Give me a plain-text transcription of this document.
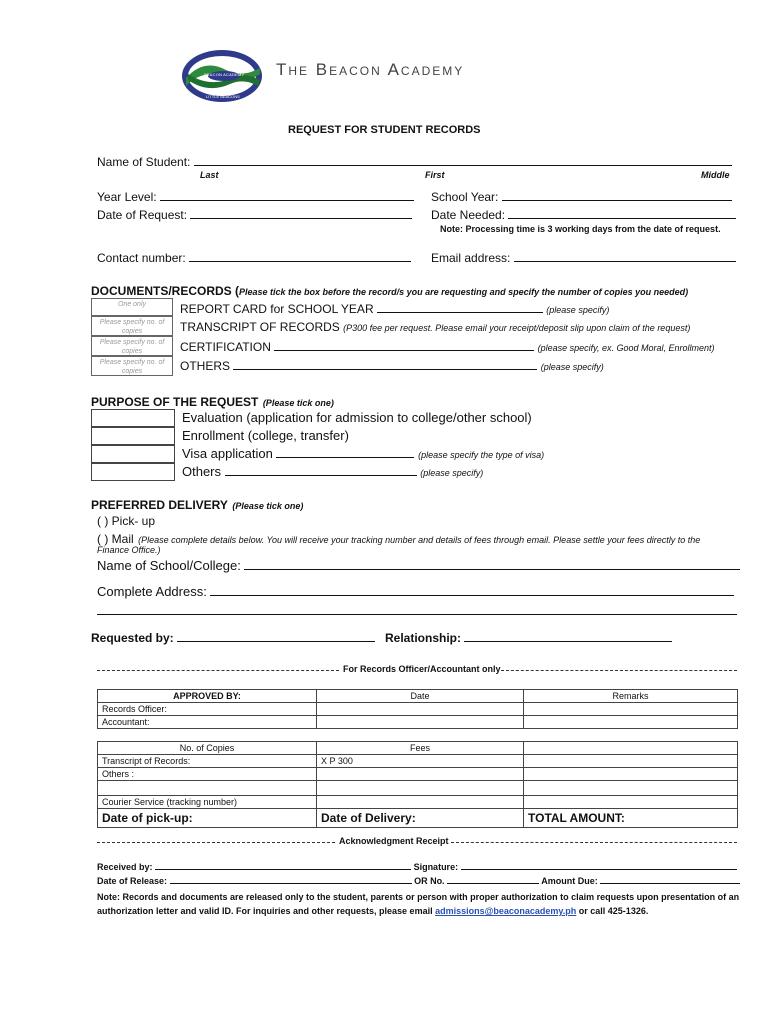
BEACON ACADEMY
LITTLE BEACONS
The Beacon Academy
REQUEST FOR STUDENT RECORDS
Name of Student:
Last	First	Middle
Year Level:	School Year:
Date of Request:	Date Needed:
Note: Processing time is 3 working days from the date of request.
Contact number:	Email address:
DOCUMENTS/RECORDS (Please tick the box before the record/s you are requesting and specify the number of copies you needed)
One only
Please specify no. of copies
Please specify no. of copies
Please specify no. of copies
REPORT CARD for SCHOOL YEAR	(please specify)
TRANSCRIPT OF RECORDS (P300 fee per request. Please email your receipt/deposit slip upon claim of the request)
CERTIFICATION	(please specify, ex. Good Moral, Enrollment)
OTHERS	(please specify)
PURPOSE OF THE REQUEST (Please tick one)
Evaluation (application for admission to college/other school)
Enrollment (college, transfer)
Visa application	(please specify the type of visa)
Others	(please specify)
PREFERRED DELIVERY (Please tick one)
( ) Pick- up
( ) Mail (Please complete details below. You will receive your tracking number and details of fees through email. Please settle your fees directly to the
Finance Office.)
Name of School/College:
Complete Address:
Requested by:	Relationship:
For Records Officer/Accountant only
APPROVED BY:	Date	Remarks
Records Officer:		
Accountant:		
No. of Copies	Fees	
Transcript of Records:	X P 300	
Others :		

Courier Service (tracking number)		
Date of pick-up:	Date of Delivery:	TOTAL AMOUNT:
Acknowledgment Receipt
Received by:	Signature:
Date of Release:	OR No.	Amount Due:
Note: Records and documents are released only to the student, parents or person with proper authorization to claim requests upon presentation of an
authorization letter and valid ID. For inquiries and other requests, please email admissions@beaconacademy.ph or call 425-1326.
